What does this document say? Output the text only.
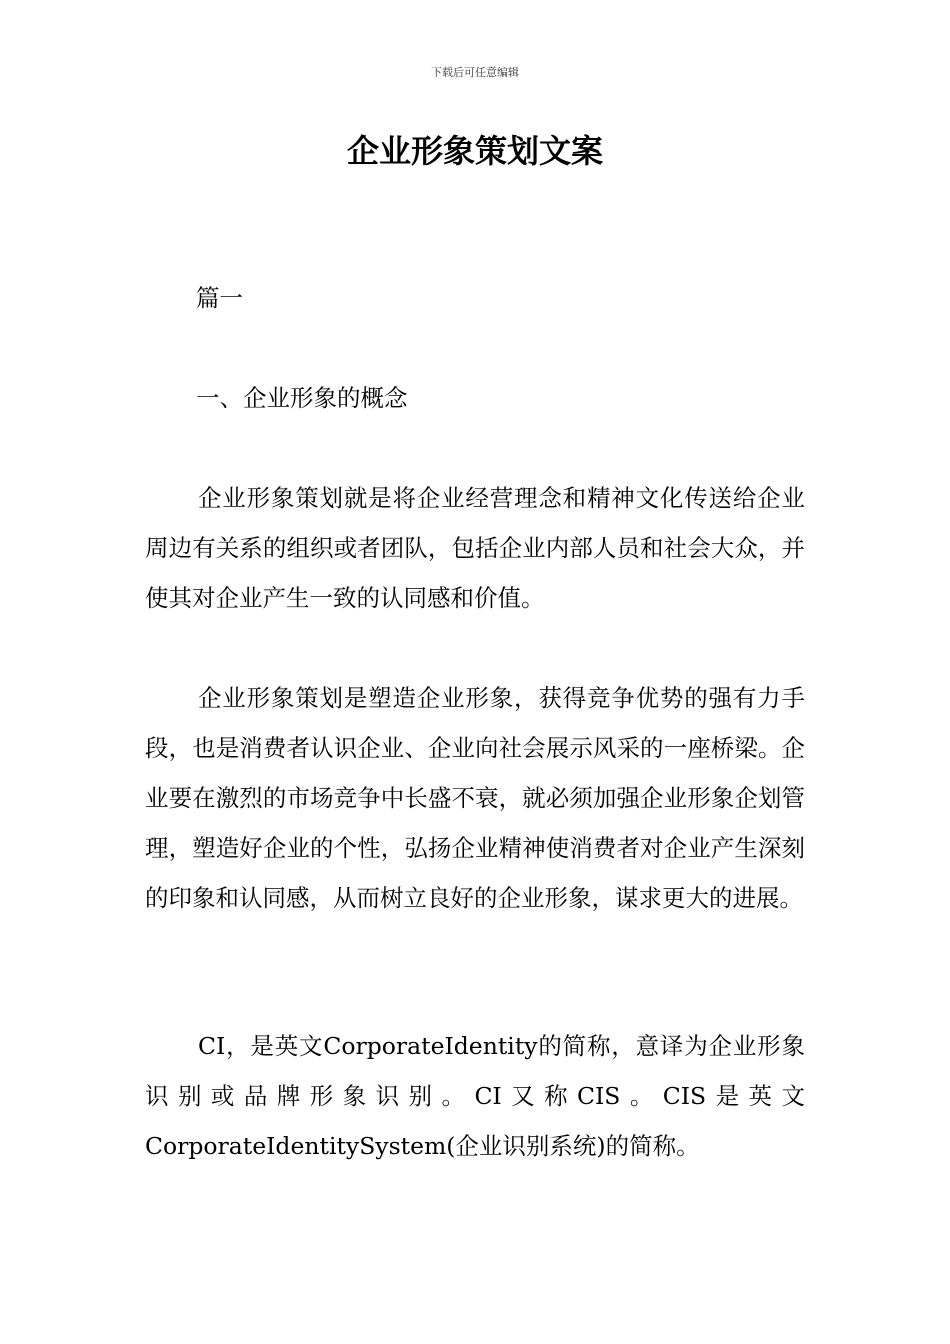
下载后可任意编辑
企业形象策划文案

篇一

一、企业形象的概念

企业形象策划就是将企业经营理念和精神文化传送给企业周边有关系的组织或者团队，包括企业内部人员和社会大众，并使其对企业产生一致的认同感和价值。

企业形象策划是塑造企业形象，获得竞争优势的强有力手段，也是消费者认识企业、企业向社会展示风采的一座桥梁。企业要在激烈的市场竞争中长盛不衰，就必须加强企业形象企划管理，塑造好企业的个性，弘扬企业精神使消费者对企业产生深刻的印象和认同感，从而树立良好的企业形象，谋求更大的进展。

CI，是英文CorporateIdentity的简称，意译为企业形象识别或品牌形象识别。CI又称CIS。CIS是英文CorporateIdentitySystem(企业识别系统)的简称。
